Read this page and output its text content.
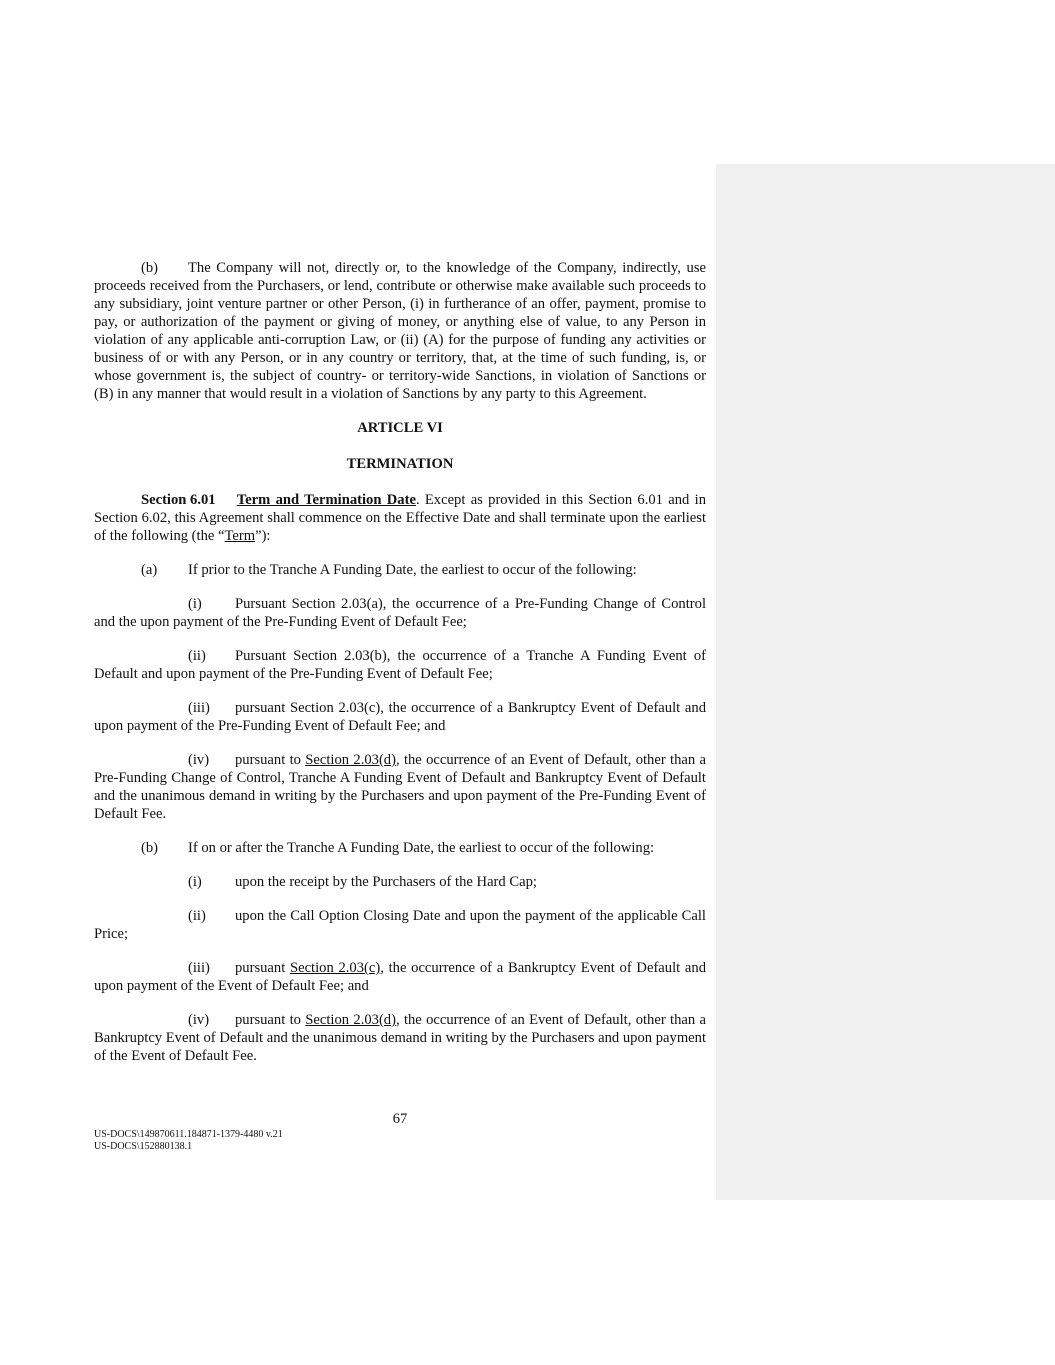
(b) The Company will not, directly or, to the knowledge of the Company, indirectly, use proceeds received from the Purchasers, or lend, contribute or otherwise make available such proceeds to any subsidiary, joint venture partner or other Person, (i) in furtherance of an offer, payment, promise to pay, or authorization of the payment or giving of money, or anything else of value, to any Person in violation of any applicable anti-corruption Law, or (ii) (A) for the purpose of funding any activities or business of or with any Person, or in any country or territory, that, at the time of such funding, is, or whose government is, the subject of country- or territory-wide Sanctions, in violation of Sanctions or (B) in any manner that would result in a violation of Sanctions by any party to this Agreement.

ARTICLE VI

TERMINATION

Section 6.01 Term and Termination Date. Except as provided in this Section 6.01 and in Section 6.02, this Agreement shall commence on the Effective Date and shall terminate upon the earliest of the following (the “Term”):

(a) If prior to the Tranche A Funding Date, the earliest to occur of the following:

(i) Pursuant Section 2.03(a), the occurrence of a Pre-Funding Change of Control and the upon payment of the Pre-Funding Event of Default Fee;

(ii) Pursuant Section 2.03(b), the occurrence of a Tranche A Funding Event of Default and upon payment of the Pre-Funding Event of Default Fee;

(iii) pursuant Section 2.03(c), the occurrence of a Bankruptcy Event of Default and upon payment of the Pre-Funding Event of Default Fee; and

(iv) pursuant to Section 2.03(d), the occurrence of an Event of Default, other than a Pre-Funding Change of Control, Tranche A Funding Event of Default and Bankruptcy Event of Default and the unanimous demand in writing by the Purchasers and upon payment of the Pre-Funding Event of Default Fee.

(b) If on or after the Tranche A Funding Date, the earliest to occur of the following:

(i) upon the receipt by the Purchasers of the Hard Cap;

(ii) upon the Call Option Closing Date and upon the payment of the applicable Call Price;

(iii) pursuant Section 2.03(c), the occurrence of a Bankruptcy Event of Default and upon payment of the Event of Default Fee; and

(iv) pursuant to Section 2.03(d), the occurrence of an Event of Default, other than a Bankruptcy Event of Default and the unanimous demand in writing by the Purchasers and upon payment of the Event of Default Fee.

67
US-DOCS\149870611.184871-1379-4480 v.21
US-DOCS\152880138.1
